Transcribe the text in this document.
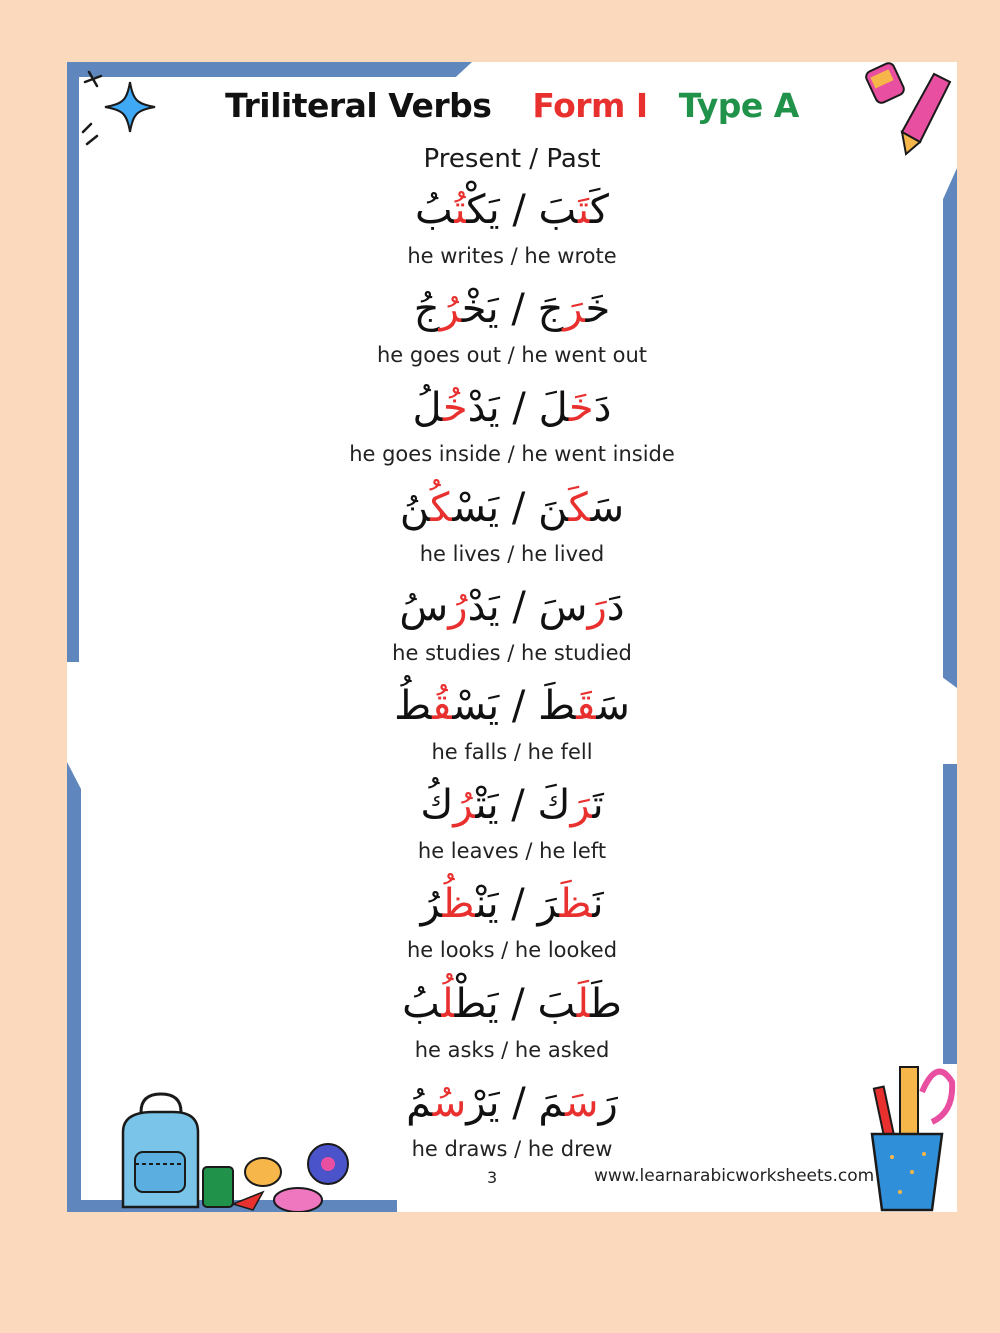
Triliteral Verbs Form I Type A
Present / Past
كَتَبَ / يَكْتُبُ
he writes / he wrote
خَرَجَ / يَخْرُجُ
he goes out / he went out
دَخَلَ / يَدْخُلُ
he goes inside / he went inside
سَكَنَ / يَسْكُنُ
he lives / he lived
دَرَسَ / يَدْرُسُ
he studies / he studied
سَقَطَ / يَسْقُطُ
he falls / he fell
تَرَكَ / يَتْرُكُ
he leaves / he left
نَظَرَ / يَنْظُرُ
he looks / he looked
طَلَبَ / يَطْلُبُ
he asks / he asked
رَسَمَ / يَرْسُمُ
he draws / he drew
3	www.learnarabicworksheets.com
